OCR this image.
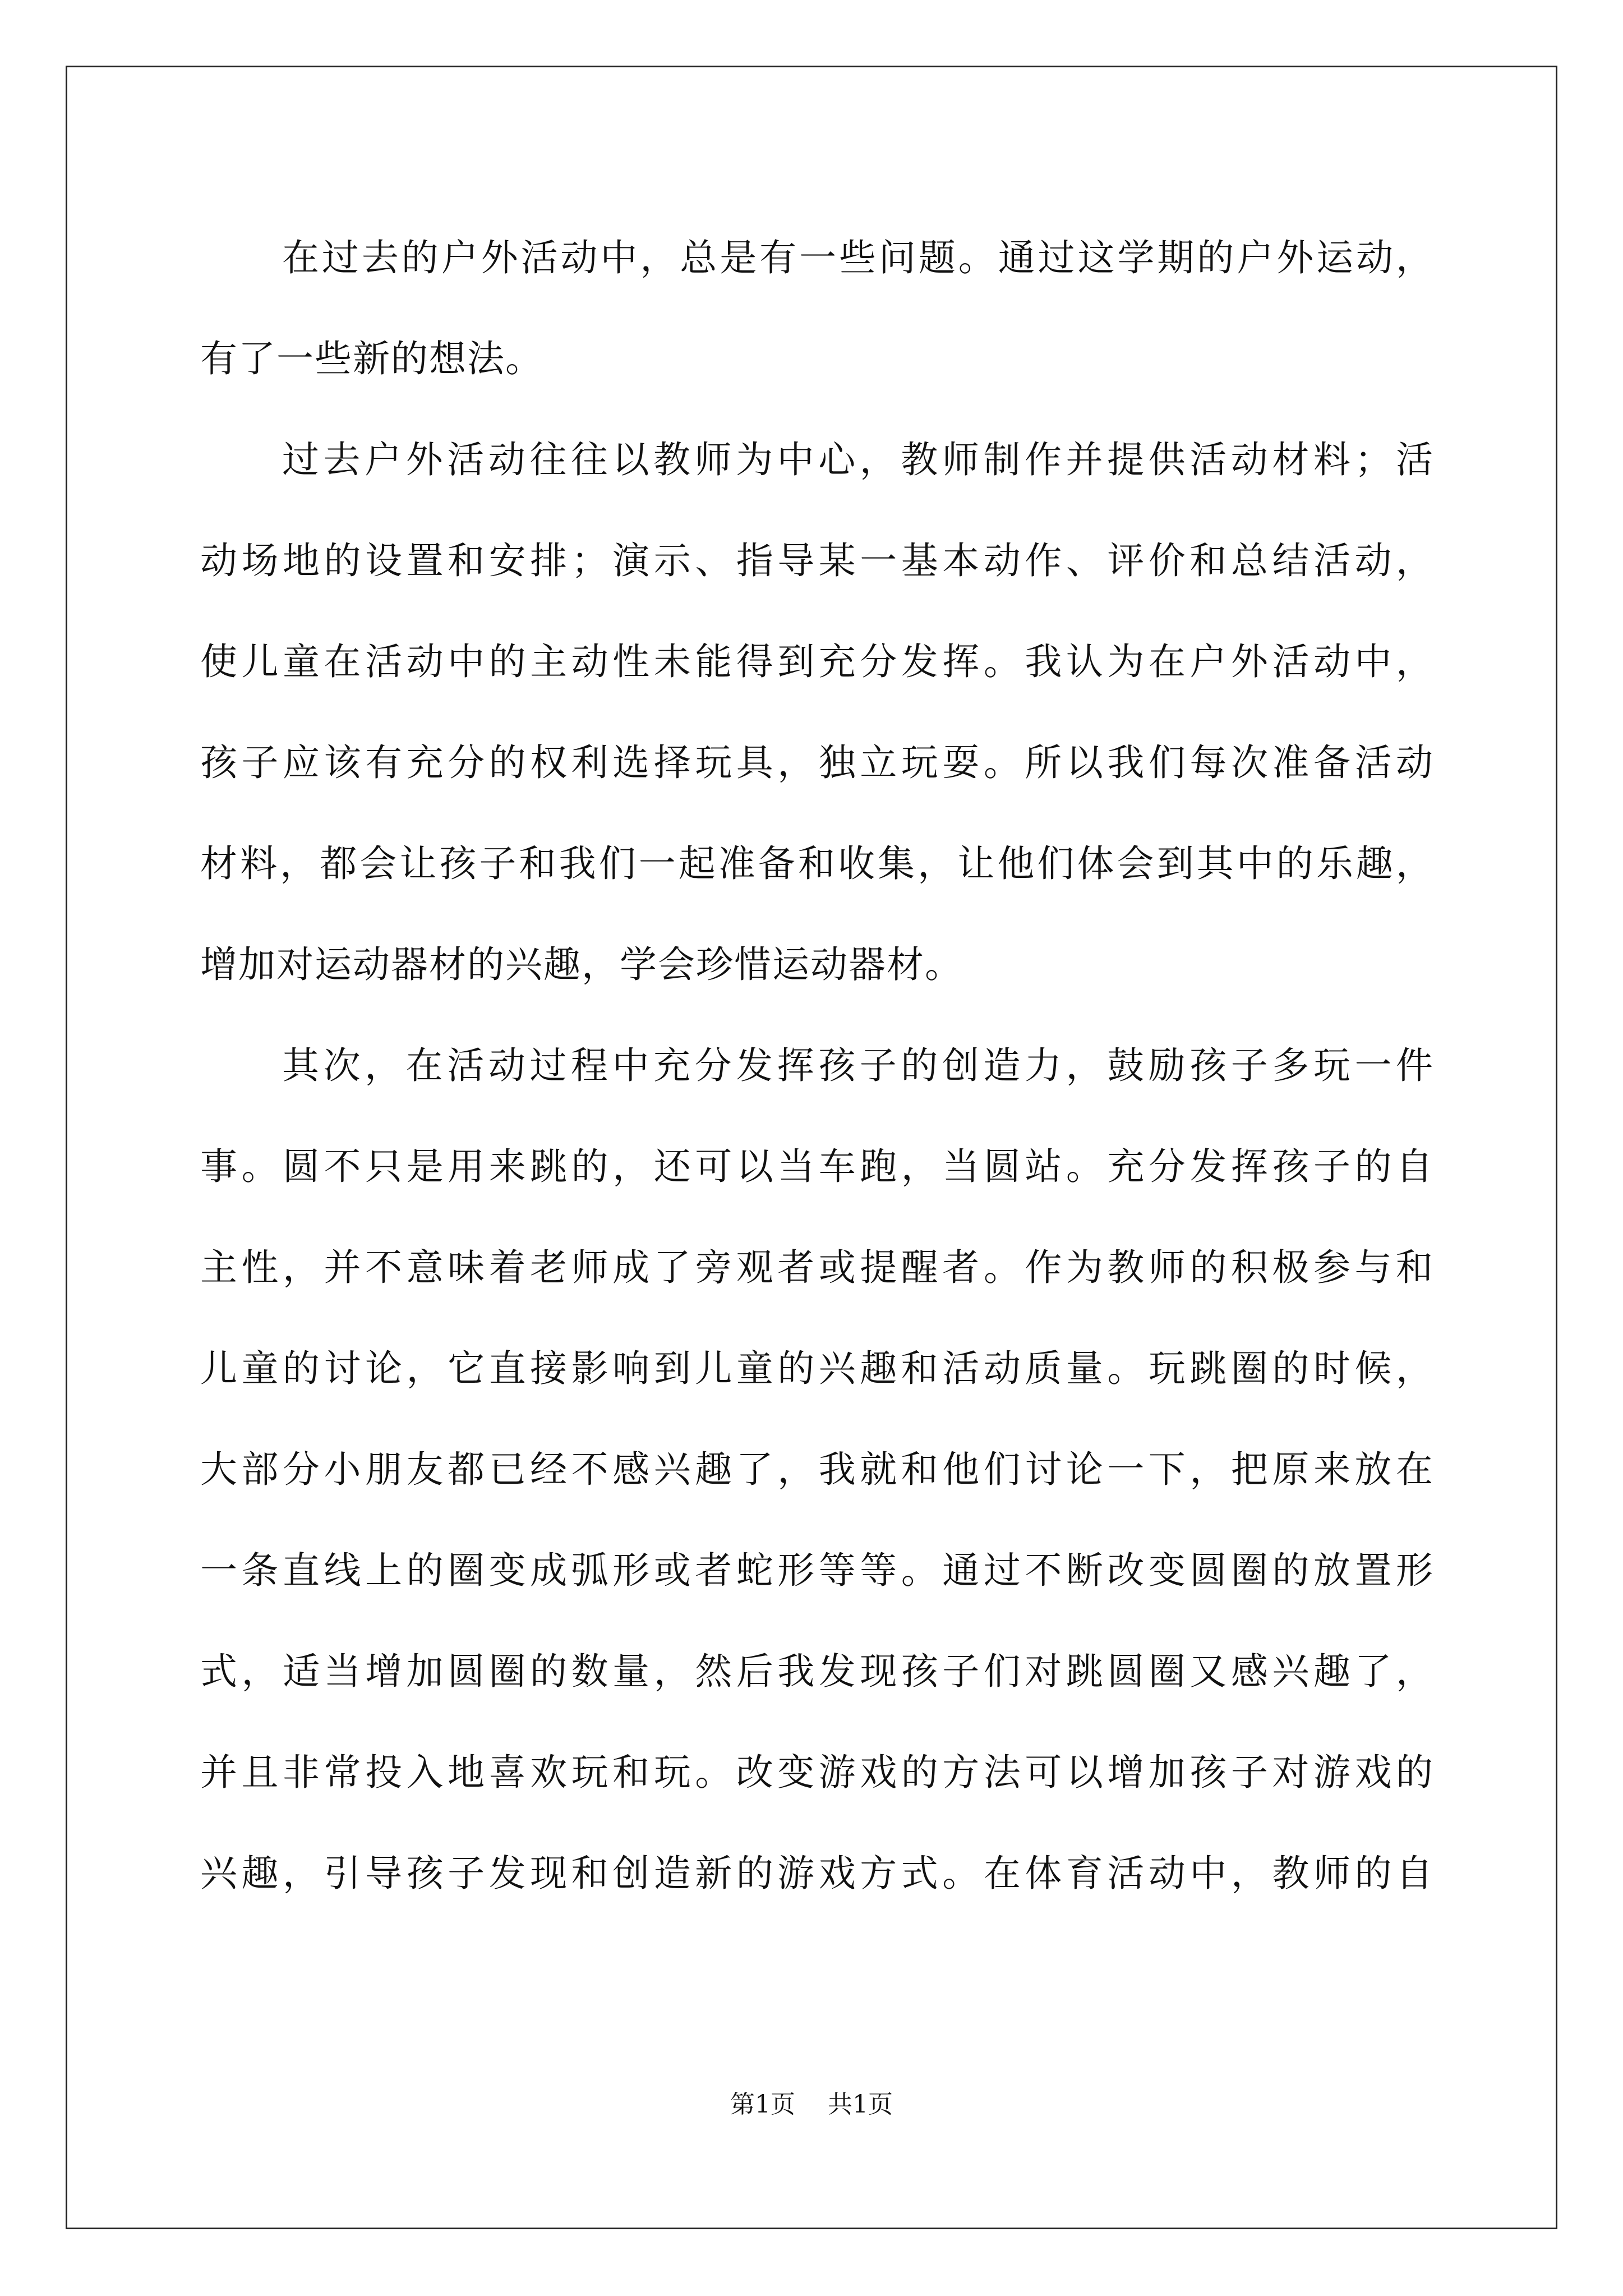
在过去的户外活动中，总是有一些问题。通过这学期的户外运动，
有了一些新的想法。
过去户外活动往往以教师为中心，教师制作并提供活动材料；活
动场地的设置和安排；演示、指导某一基本动作、评价和总结活动，
使儿童在活动中的主动性未能得到充分发挥。我认为在户外活动中，
孩子应该有充分的权利选择玩具，独立玩耍。所以我们每次准备活动
材料，都会让孩子和我们一起准备和收集，让他们体会到其中的乐趣，
增加对运动器材的兴趣，学会珍惜运动器材。
其次，在活动过程中充分发挥孩子的创造力，鼓励孩子多玩一件
事。圆不只是用来跳的，还可以当车跑，当圆站。充分发挥孩子的自
主性，并不意味着老师成了旁观者或提醒者。作为教师的积极参与和
儿童的讨论，它直接影响到儿童的兴趣和活动质量。玩跳圈的时候，
大部分小朋友都已经不感兴趣了，我就和他们讨论一下，把原来放在
一条直线上的圈变成弧形或者蛇形等等。通过不断改变圆圈的放置形
式，适当增加圆圈的数量，然后我发现孩子们对跳圆圈又感兴趣了，
并且非常投入地喜欢玩和玩。改变游戏的方法可以增加孩子对游戏的
兴趣，引导孩子发现和创造新的游戏方式。在体育活动中，教师的自
第1页 共1页
